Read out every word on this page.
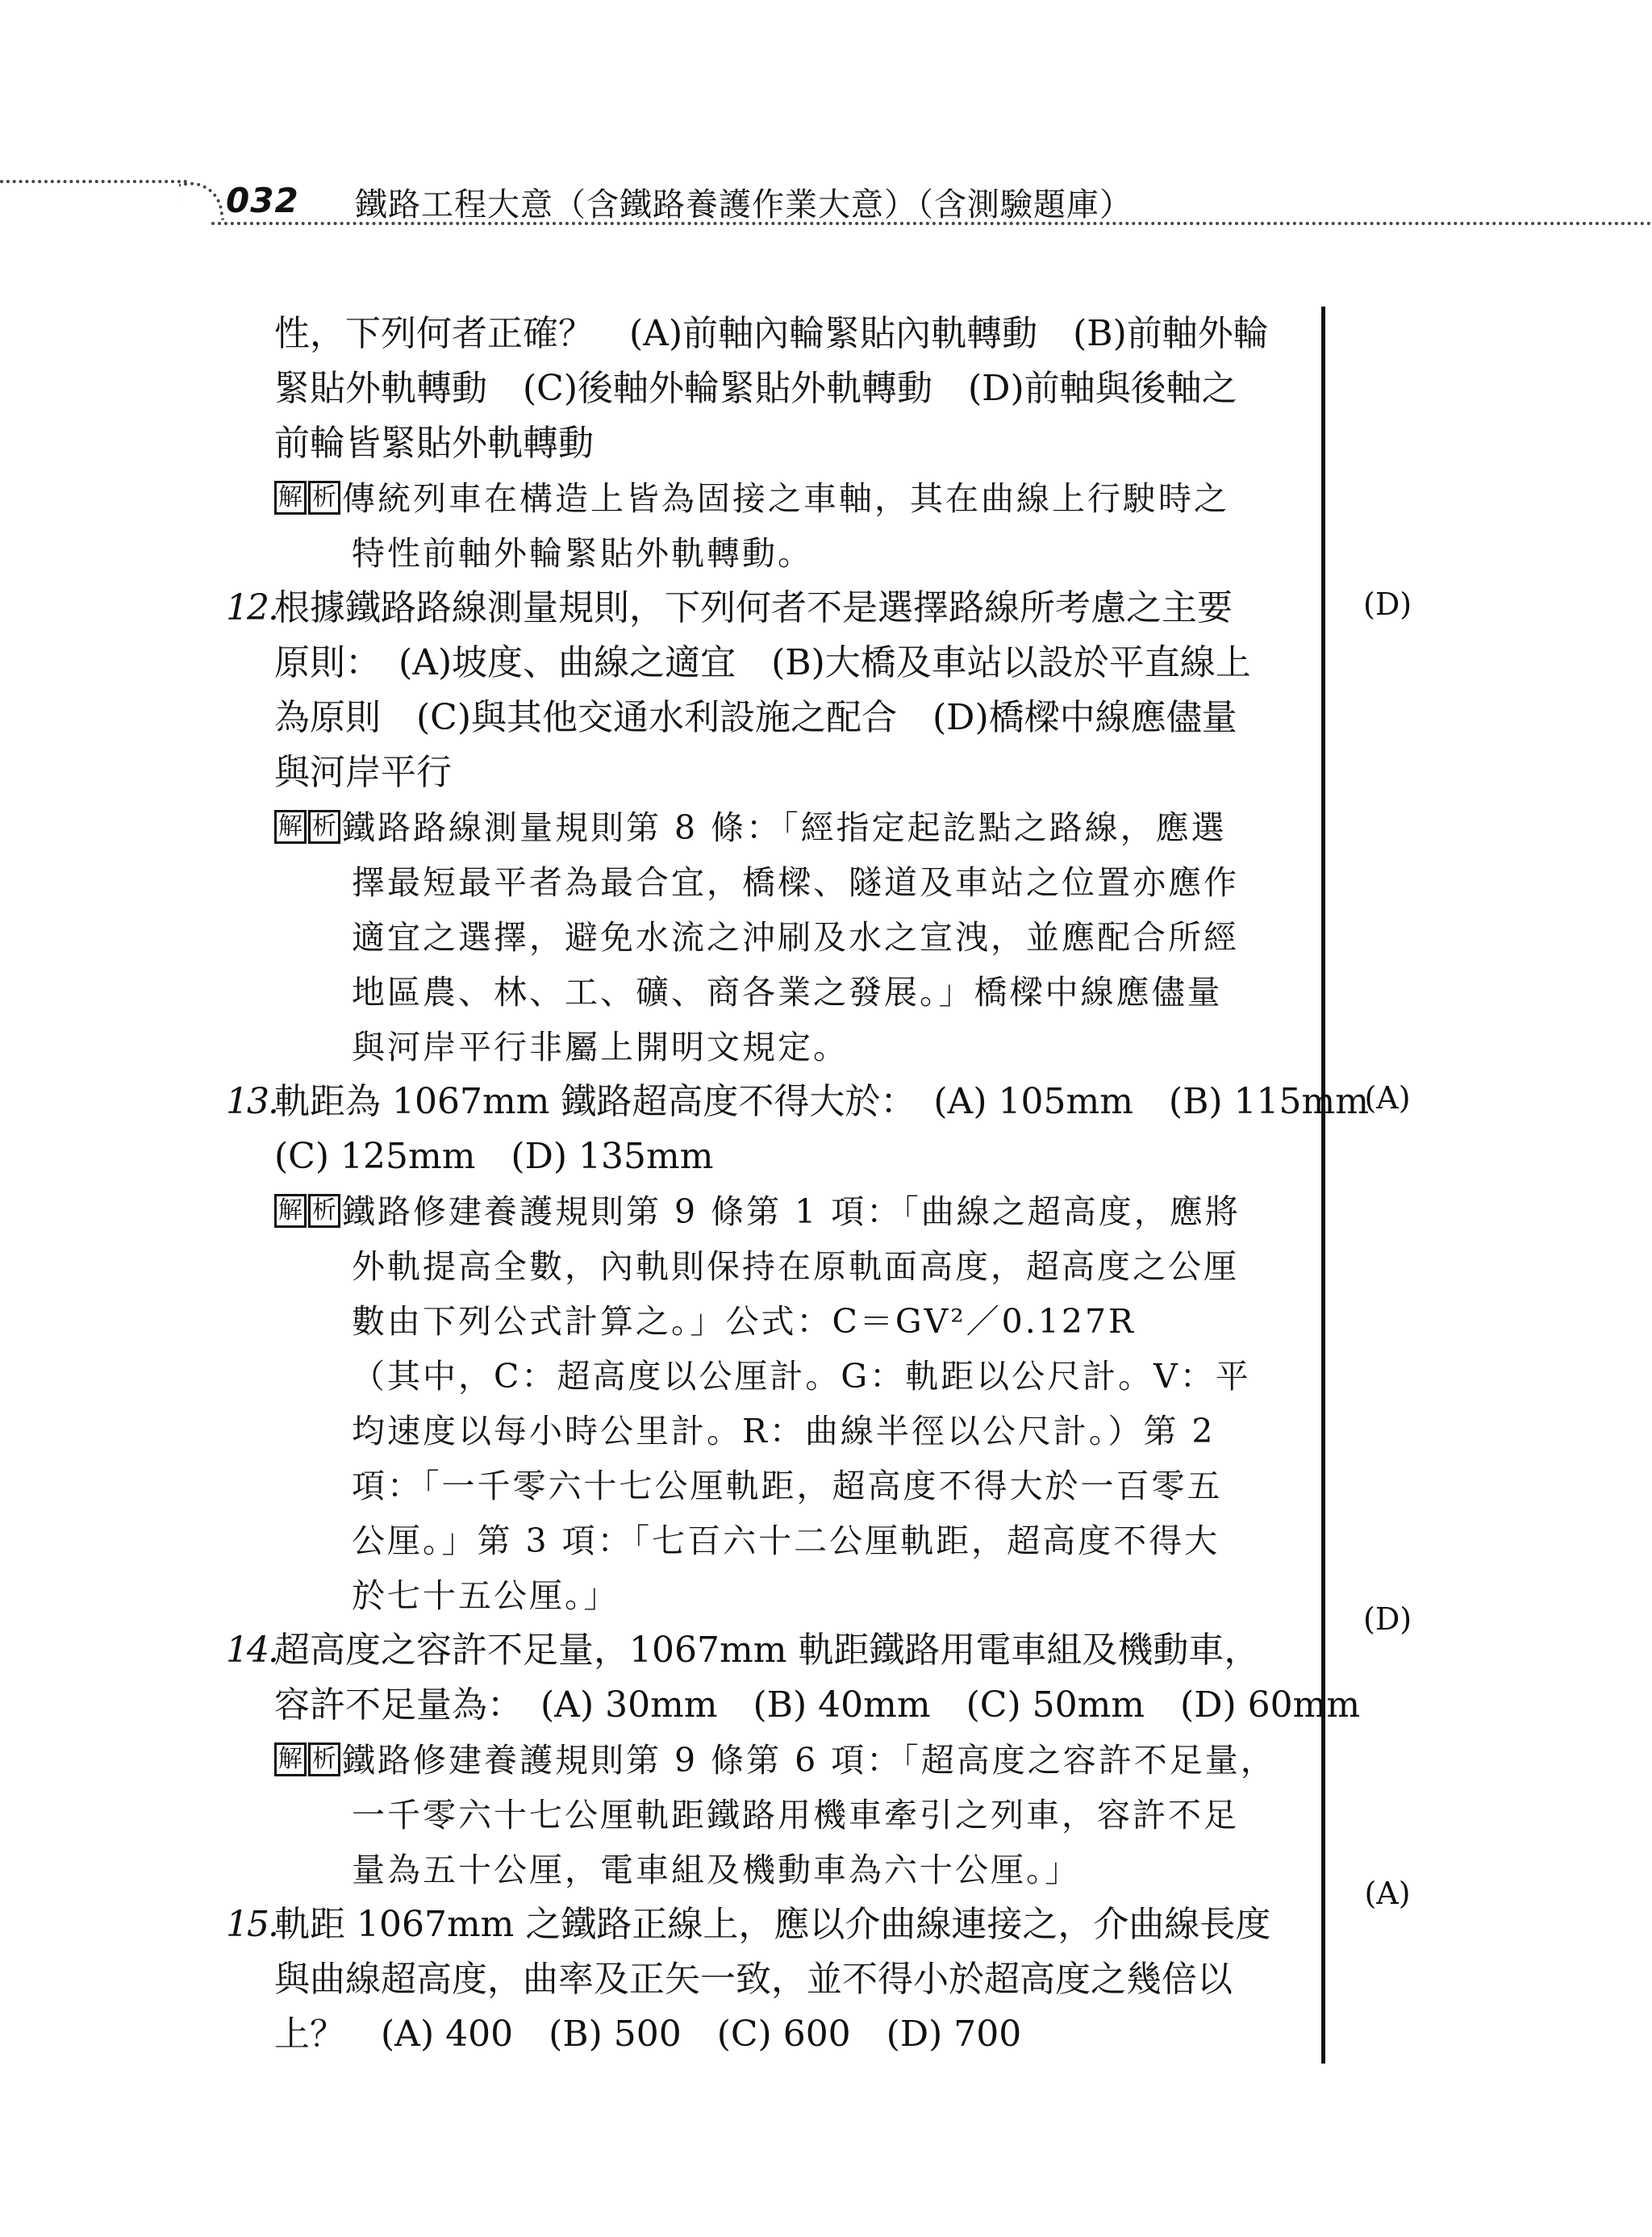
032 鐵路工程大意（含鐵路養護作業大意）（含測驗題庫）
(D)
(A)
(D)
(A)
性，下列何者正確？　(A)前軸內輪緊貼內軌轉動　(B)前軸外輪
緊貼外軌轉動　(C)後軸外輪緊貼外軌轉動　(D)前軸與後軸之
前輪皆緊貼外軌轉動
解 析 傳統列車在構造上皆為固接之車軸，其在曲線上行駛時之
特性前軸外輪緊貼外軌轉動。
12.
根據鐵路路線測量規則，下列何者不是選擇路線所考慮之主要
原則：　(A)坡度、曲線之適宜　(B)大橋及車站以設於平直線上
為原則　(C)與其他交通水利設施之配合　(D)橋樑中線應儘量
與河岸平行
解 析 鐵路路線測量規則第 8 條：「經指定起訖點之路線，應選
擇最短最平者為最合宜，橋樑、隧道及車站之位置亦應作
適宜之選擇，避免水流之沖刷及水之宣洩，並應配合所經
地區農、林、工、礦、商各業之發展。」橋樑中線應儘量
與河岸平行非屬上開明文規定。
13.
軌距為 1067mm 鐵路超高度不得大於：　(A) 105mm　(B) 115mm
(C) 125mm　(D) 135mm
解 析 鐵路修建養護規則第 9 條第 1 項：「曲線之超高度，應將
外軌提高全數，內軌則保持在原軌面高度，超高度之公厘
數由下列公式計算之。」公式：C＝GV²／0.127R
（其中，C：超高度以公厘計。G：軌距以公尺計。V：平
均速度以每小時公里計。R：曲線半徑以公尺計。）第 2
項：「一千零六十七公厘軌距，超高度不得大於一百零五
公厘。」第 3 項：「七百六十二公厘軌距，超高度不得大
於七十五公厘。」
14.
超高度之容許不足量，1067mm 軌距鐵路用電車組及機動車，
容許不足量為：　(A) 30mm　(B) 40mm　(C) 50mm　(D) 60mm
解 析 鐵路修建養護規則第 9 條第 6 項：「超高度之容許不足量，
一千零六十七公厘軌距鐵路用機車牽引之列車，容許不足
量為五十公厘，電車組及機動車為六十公厘。」
15.
軌距 1067mm 之鐵路正線上，應以介曲線連接之，介曲線長度
與曲線超高度，曲率及正矢一致，並不得小於超高度之幾倍以
上？　(A) 400　(B) 500　(C) 600　(D) 700
